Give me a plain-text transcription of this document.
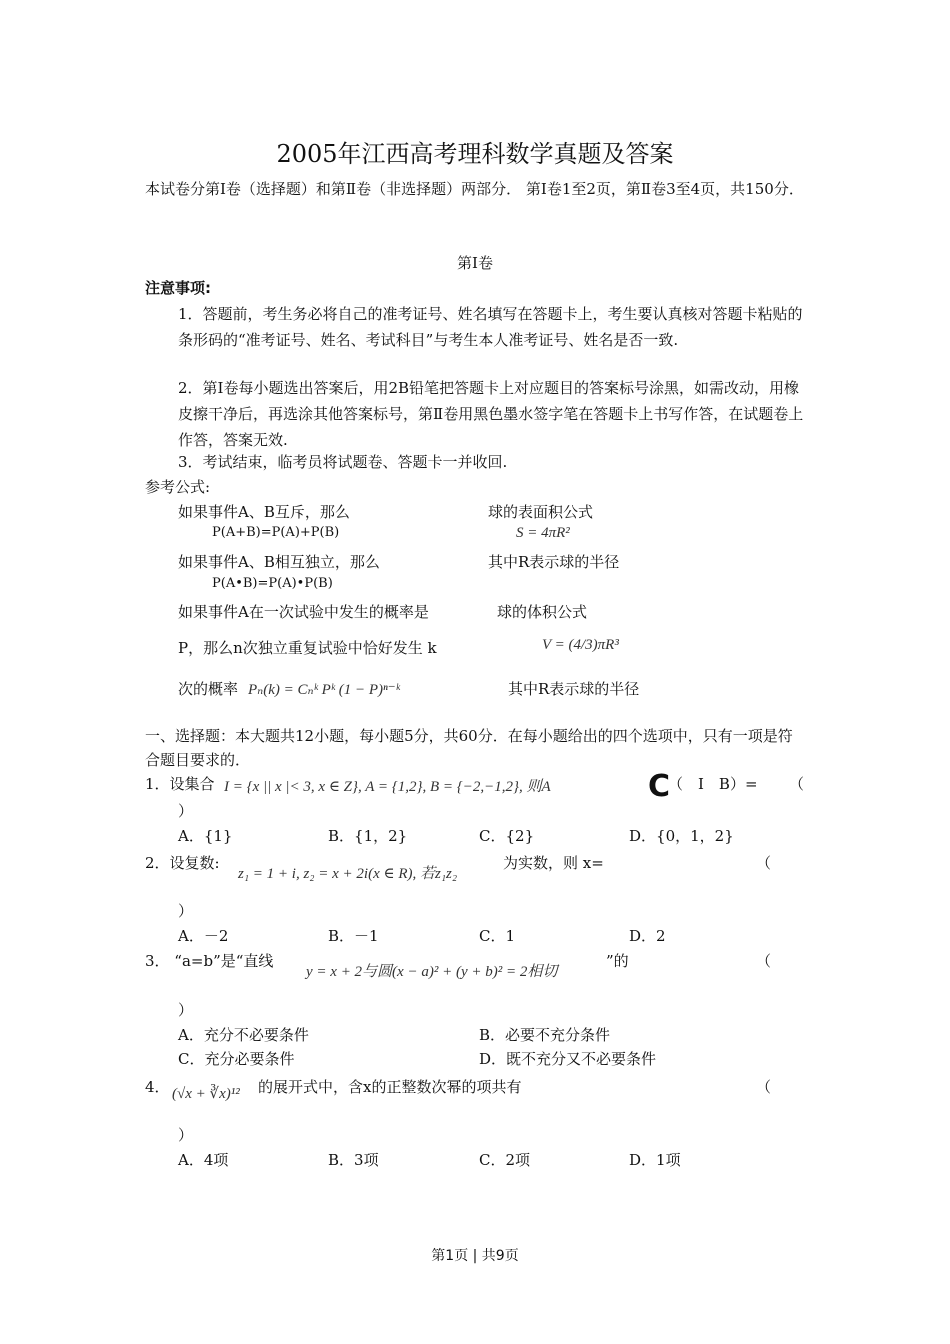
2005年江西高考理科数学真题及答案
本试卷分第Ⅰ卷（选择题）和第Ⅱ卷（非选择题）两部分． 第Ⅰ卷1至2页，第Ⅱ卷3至4页，共150分．
第Ⅰ卷
注意事项:
1．答题前，考生务必将自己的准考证号、姓名填写在答题卡上，考生要认真核对答题卡粘贴的条形码的“准考证号、姓名、考试科目”与考生本人准考证号、姓名是否一致.
2．第Ⅰ卷每小题选出答案后，用2B铅笔把答题卡上对应题目的答案标号涂黑，如需改动，用橡皮擦干净后，再选涂其他答案标号，第Ⅱ卷用黑色墨水签字笔在答题卡上书写作答，在试题卷上作答，答案无效.
3．考试结束，临考员将试题卷、答题卡一并收回.
参考公式:
如果事件A、B互斥，那么
P(A+B)=P(A)+P(B)
球的表面积公式
S = 4πR²
如果事件A、B相互独立，那么	其中R表示球的半径
P(A•B)=P(A)•P(B)
如果事件A在一次试验中发生的概率是	球的体积公式
P，那么n次独立重复试验中恰好发生 k	V = (4/3)πR³
次的概率 Pₙ(k) = Cₙᵏ Pᵏ (1 − P)ⁿ⁻ᵏ	其中R表示球的半径
一、选择题：本大题共12小题，每小题5分，共60分．在每小题给出的四个选项中，只有一项是符合题目要求的．
1．设集合 I = {x || x |< 3, x ∈ Z}, A = {1,2}, B = {−2,−1,2}, 则A	C
（　Ⅰ　B）= （
）
A．{1}	B．{1，2}	C．{2}	D．{0，1，2}
2．设复数:
z₁ = 1 + i, z₂ = x + 2i(x ∈ R), 若z₁z₂
为实数，则 x=	（
）
A．－2	B．－1	C．1	D．2
3． “a=b”是“直线
y = x + 2与圆(x − a)² + (y + b)² = 2相切
”的	（
）
A．充分不必要条件	B．必要不充分条件
C．充分必要条件	D．既不充分又不必要条件
4． (√x + ∛x)¹² 的展开式中，含x的正整数次幂的项共有	（
）
A．4项	B．3项	C．2项	D．1项
第1页 | 共9页
